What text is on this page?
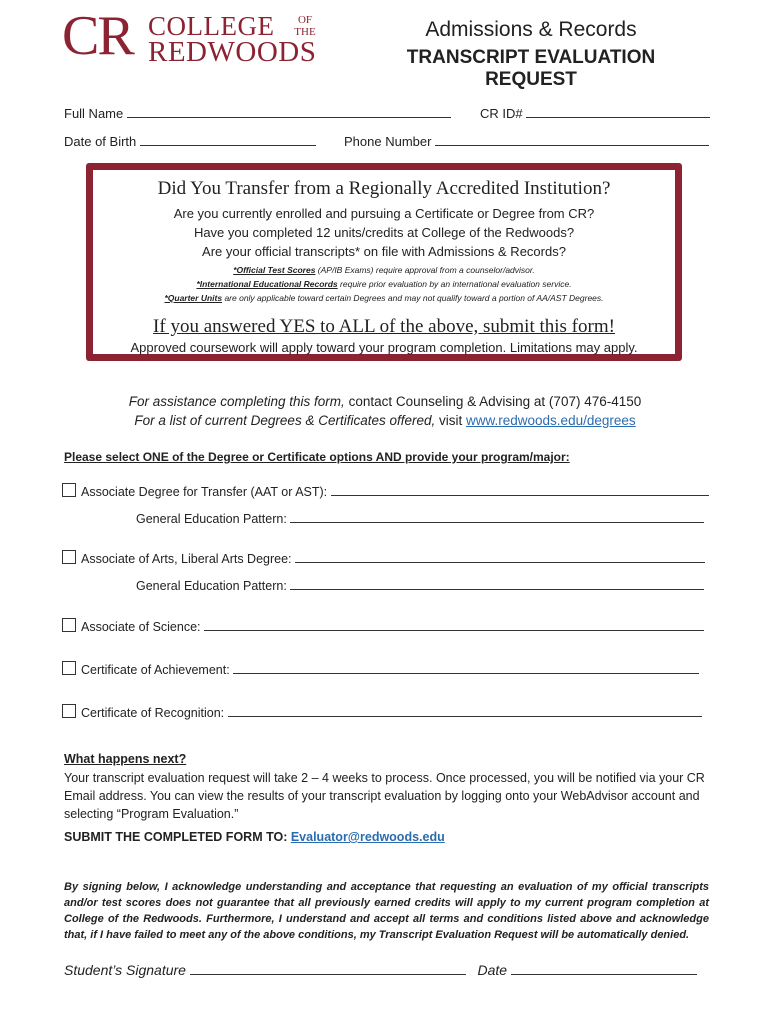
CR COLLEGE	OF
THE
REDWOODS
Admissions & Records
TRANSCRIPT EVALUATION REQUEST
Full Name	CR ID#
Date of Birth	Phone Number
Did You Transfer from a Regionally Accredited Institution?
Are you currently enrolled and pursuing a Certificate or Degree from CR?
Have you completed 12 units/credits at College of the Redwoods?
Are your official transcripts* on file with Admissions & Records?
*Official Test Scores (AP/IB Exams) require approval from a counselor/advisor.
*International Educational Records require prior evaluation by an international evaluation service.
*Quarter Units are only applicable toward certain Degrees and may not qualify toward a portion of AA/AST Degrees.
If you answered YES to ALL of the above, submit this form!
Approved coursework will apply toward your program completion. Limitations may apply.
For assistance completing this form, contact Counseling & Advising at (707) 476-4150
For a list of current Degrees & Certificates offered, visit www.redwoods.edu/degrees
Please select ONE of the Degree or Certificate options AND provide your program/major:
Associate Degree for Transfer (AAT or AST):
General Education Pattern:
Associate of Arts, Liberal Arts Degree:
General Education Pattern:
Associate of Science:
Certificate of Achievement:
Certificate of Recognition:
What happens next?
Your transcript evaluation request will take 2 – 4 weeks to process. Once processed, you will be notified via your CR Email address. You can view the results of your transcript evaluation by logging onto your WebAdvisor account and selecting “Program Evaluation.”
SUBMIT THE COMPLETED FORM TO: Evaluator@redwoods.edu
By signing below, I acknowledge understanding and acceptance that requesting an evaluation of my official transcripts and/or test scores does not guarantee that all previously earned credits will apply to my current program completion at College of the Redwoods. Furthermore, I understand and accept all terms and conditions listed above and acknowledge that, if I have failed to meet any of the above conditions, my Transcript Evaluation Request will be automatically denied.
Student’s Signature	Date
